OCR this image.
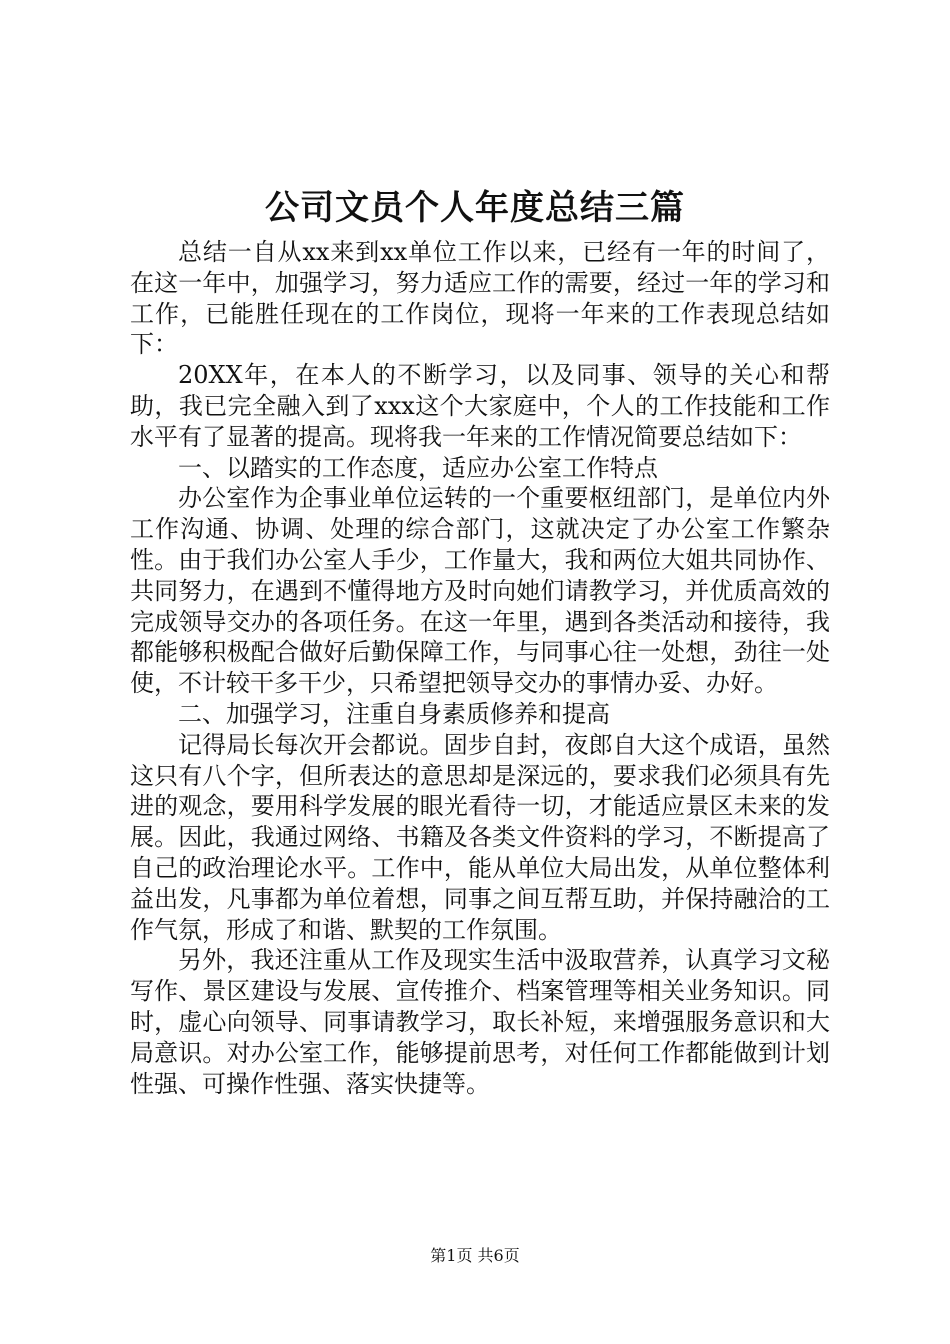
公司文员个人年度总结三篇

总结一自从xx来到xx单位工作以来，已经有一年的时间了，在这一年中，加强学习，努力适应工作的需要，经过一年的学习和工作，已能胜任现在的工作岗位，现将一年来的工作表现总结如下：

20XX年，在本人的不断学习，以及同事、领导的关心和帮助，我已完全融入到了xxx这个大家庭中，个人的工作技能和工作水平有了显著的提高。现将我一年来的工作情况简要总结如下：

一、以踏实的工作态度，适应办公室工作特点

办公室作为企事业单位运转的一个重要枢纽部门，是单位内外工作沟通、协调、处理的综合部门，这就决定了办公室工作繁杂性。由于我们办公室人手少，工作量大，我和两位大姐共同协作、共同努力，在遇到不懂得地方及时向她们请教学习，并优质高效的完成领导交办的各项任务。在这一年里，遇到各类活动和接待，我都能够积极配合做好后勤保障工作，与同事心往一处想，劲往一处使，不计较干多干少，只希望把领导交办的事情办妥、办好。

二、加强学习，注重自身素质修养和提高

记得局长每次开会都说。固步自封，夜郎自大这个成语，虽然这只有八个字，但所表达的意思却是深远的，要求我们必须具有先进的观念，要用科学发展的眼光看待一切，才能适应景区未来的发展。因此，我通过网络、书籍及各类文件资料的学习，不断提高了自己的政治理论水平。工作中，能从单位大局出发，从单位整体利益出发，凡事都为单位着想，同事之间互帮互助，并保持融洽的工作气氛，形成了和谐、默契的工作氛围。

另外，我还注重从工作及现实生活中汲取营养，认真学习文秘写作、景区建设与发展、宣传推介、档案管理等相关业务知识。同时，虚心向领导、同事请教学习，取长补短，来增强服务意识和大局意识。对办公室工作，能够提前思考，对任何工作都能做到计划性强、可操作性强、落实快捷等。

第1页 共6页
